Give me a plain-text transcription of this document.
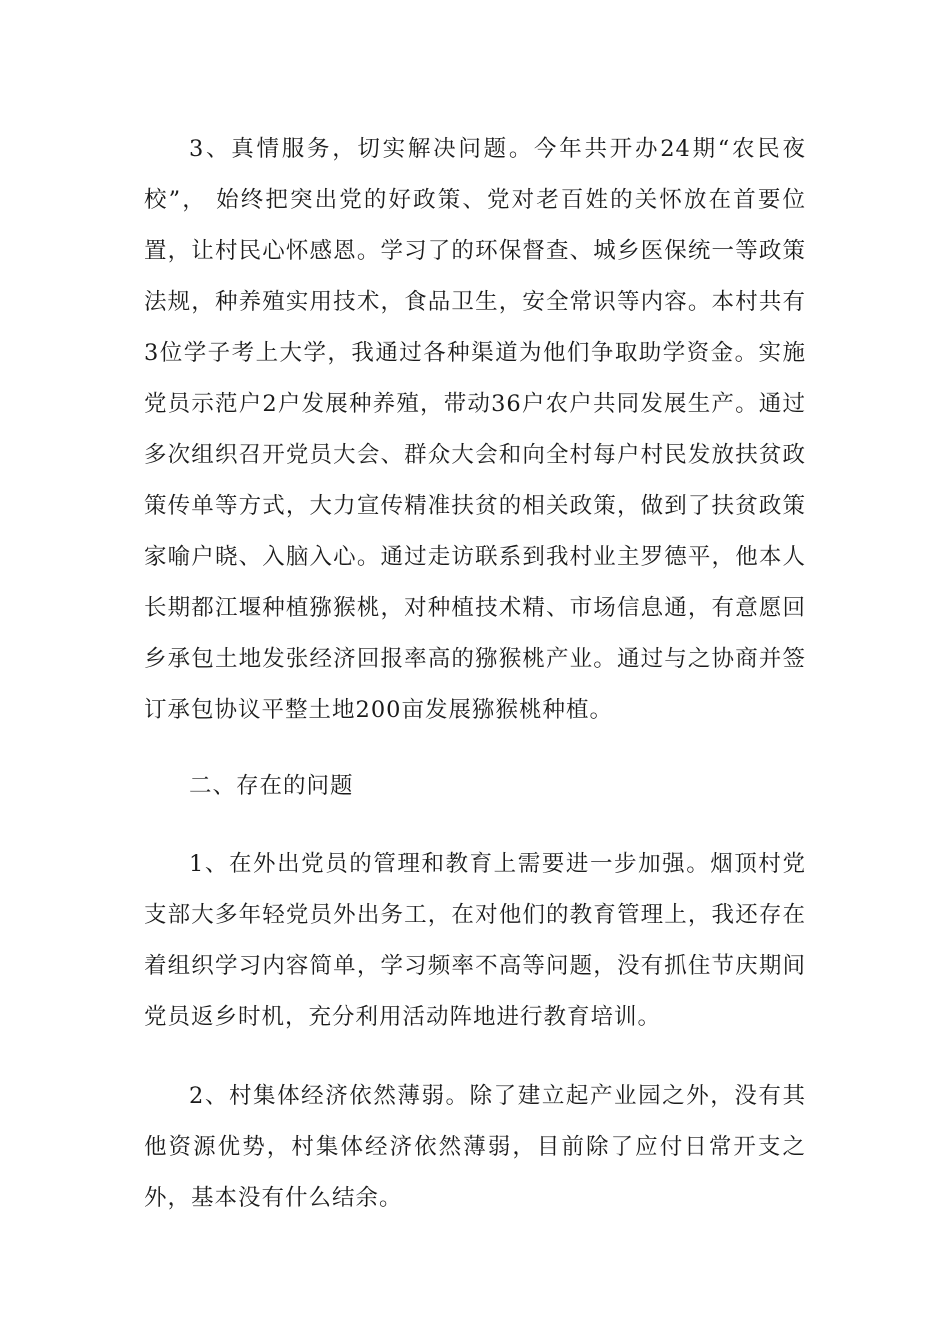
3、真情服务，切实解决问题。今年共开办24期“农民夜校”， 始终把突出党的好政策、党对老百姓的关怀放在首要位置，让村民心怀感恩。学习了的环保督查、城乡医保统一等政策法规，种养殖实用技术，食品卫生，安全常识等内容。本村共有3位学子考上大学，我通过各种渠道为他们争取助学资金。实施党员示范户2户发展种养殖，带动36户农户共同发展生产。通过多次组织召开党员大会、群众大会和向全村每户村民发放扶贫政策传单等方式，大力宣传精准扶贫的相关政策，做到了扶贫政策家喻户晓、入脑入心。通过走访联系到我村业主罗德平，他本人长期都江堰种植猕猴桃，对种植技术精、市场信息通，有意愿回乡承包土地发张经济回报率高的猕猴桃产业。通过与之协商并签订承包协议平整土地200亩发展猕猴桃种植。

二、存在的问题

1、在外出党员的管理和教育上需要进一步加强。烟顶村党支部大多年轻党员外出务工，在对他们的教育管理上，我还存在着组织学习内容简单，学习频率不高等问题，没有抓住节庆期间党员返乡时机，充分利用活动阵地进行教育培训。

2、村集体经济依然薄弱。除了建立起产业园之外，没有其他资源优势，村集体经济依然薄弱，目前除了应付日常开支之外，基本没有什么结余。
